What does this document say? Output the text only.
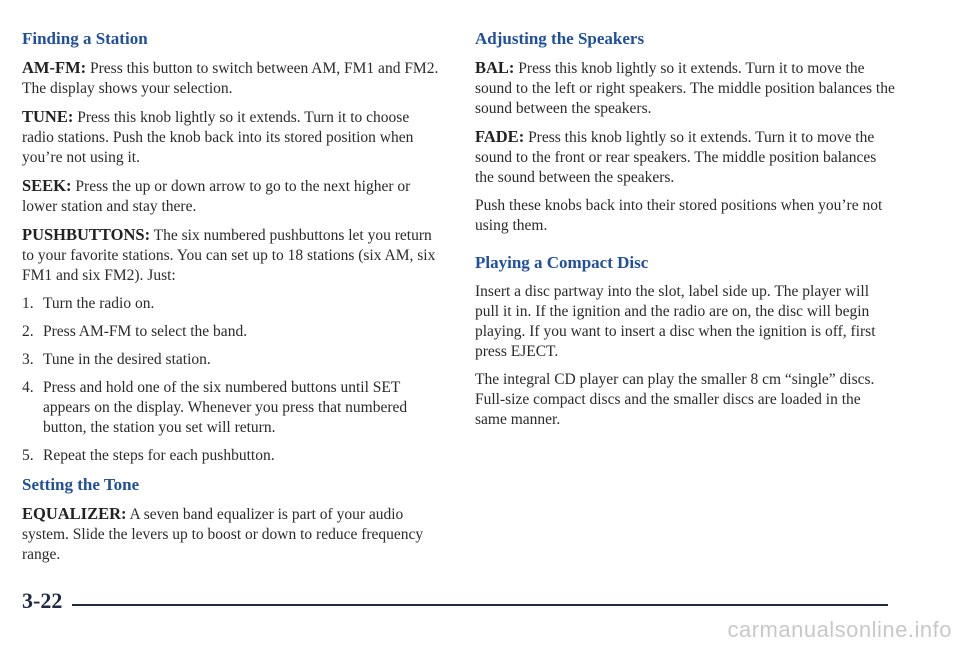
Finding a Station

AM-FM: Press this button to switch between AM, FM1 and FM2. The display shows your selection.

TUNE: Press this knob lightly so it extends. Turn it to choose radio stations. Push the knob back into its stored position when you’re not using it.

SEEK: Press the up or down arrow to go to the next higher or lower station and stay there.

PUSHBUTTONS: The six numbered pushbuttons let you return to your favorite stations. You can set up to 18 stations (six AM, six FM1 and six FM2). Just:

1. Turn the radio on.
2. Press AM-FM to select the band.
3. Tune in the desired station.
4. Press and hold one of the six numbered buttons until SET appears on the display. Whenever you press that numbered button, the station you set will return.
5. Repeat the steps for each pushbutton.
Setting the Tone

EQUALIZER: A seven band equalizer is part of your audio system. Slide the levers up to boost or down to reduce frequency range.

Adjusting the Speakers

BAL: Press this knob lightly so it extends. Turn it to move the sound to the left or right speakers. The middle position balances the sound between the speakers.

FADE: Press this knob lightly so it extends. Turn it to move the sound to the front or rear speakers. The middle position balances the sound between the speakers.

Push these knobs back into their stored positions when you’re not using them.

Playing a Compact Disc

Insert a disc partway into the slot, label side up. The player will pull it in. If the ignition and the radio are on, the disc will begin playing. If you want to insert a disc when the ignition is off, first press EJECT.

The integral CD player can play the smaller 8 cm “single” discs. Full-size compact discs and the smaller discs are loaded in the same manner.

3-22
carmanualsonline.info
